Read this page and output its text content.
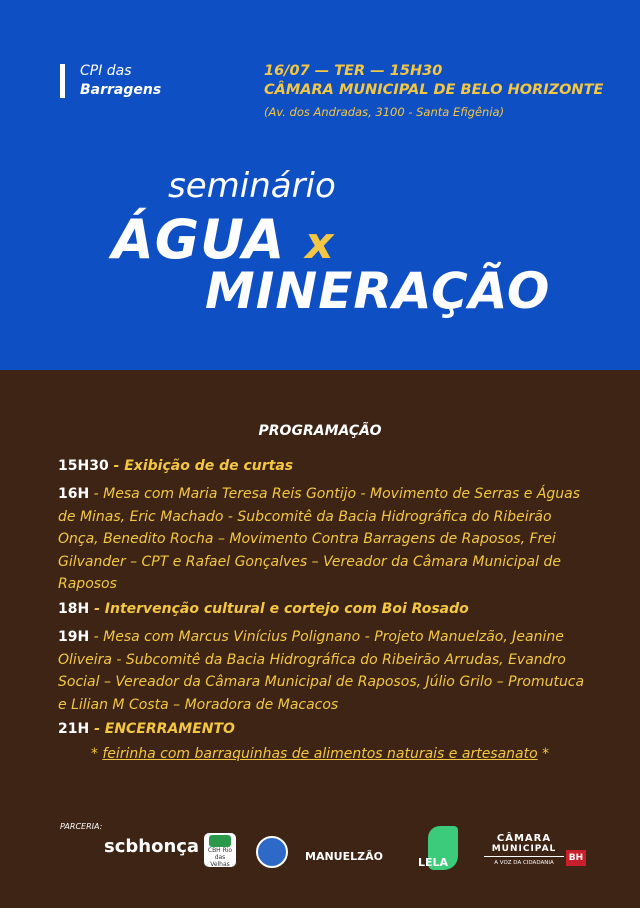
CPI das
Barragens
16/07 — TER — 15H30
CÂMARA MUNICIPAL DE BELO HORIZONTE
(Av. dos Andradas, 3100 - Santa Efigênia)
seminário
ÁGUA x
MINERAÇÃO
PROGRAMAÇÃO
15H30 - Exibição de de curtas
16H - Mesa com Maria Teresa Reis Gontijo - Movimento de Serras e Águas de Minas, Eric Machado - Subcomitê da Bacia Hidrográfica do Ribeirão Onça, Benedito Rocha – Movimento Contra Barragens de Raposos, Frei Gilvander – CPT e Rafael Gonçalves – Vereador da Câmara Municipal de Raposos
18H - Intervenção cultural e cortejo com Boi Rosado
19H - Mesa com Marcus Vinícius Polignano - Projeto Manuelzão, Jeanine Oliveira - Subcomitê da Bacia Hidrográfica do Ribeirão Arrudas, Evandro Social – Vereador da Câmara Municipal de Raposos, Júlio Grilo – Promutuca e Lilian M Costa – Moradora de Macacos
21H - ENCERRAMENTO
* feirinha com barraquinhas de alimentos naturais e artesanato *
PARCERIA:
scbhonça	CBH Rio das Velhas
MANUELZÃO	LELA
CÂMARA
MUNICIPAL
A VOZ DA CIDADANIA	BH
